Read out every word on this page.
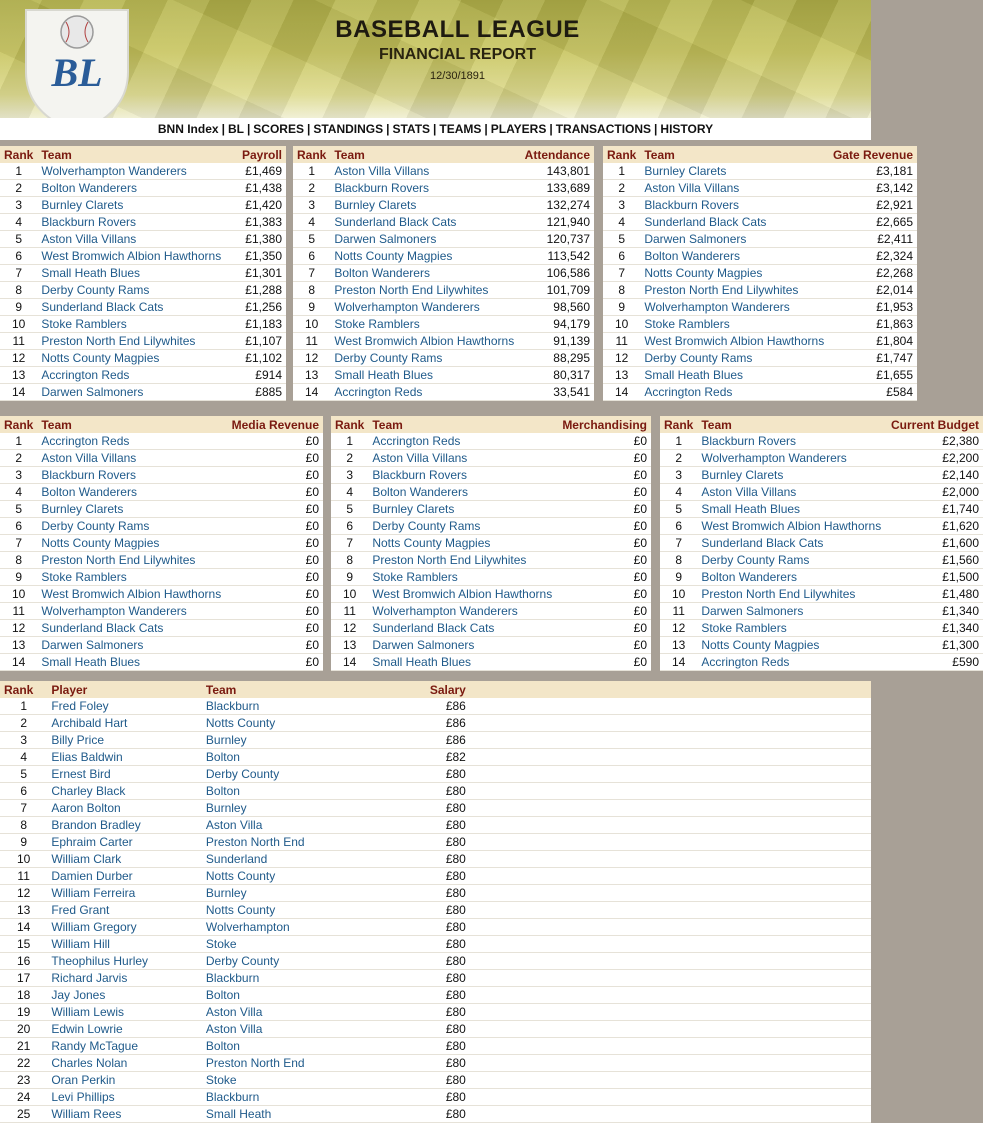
BL
BASEBALL LEAGUE
FINANCIAL REPORT
12/30/1891
BNN Index | BL | SCORES | STANDINGS | STATS | TEAMS | PLAYERS | TRANSACTIONS | HISTORY
Rank	Team	Payroll
1	Wolverhampton Wanderers	£1,469
2	Bolton Wanderers	£1,438
3	Burnley Clarets	£1,420
4	Blackburn Rovers	£1,383
5	Aston Villa Villans	£1,380
6	West Bromwich Albion Hawthorns	£1,350
7	Small Heath Blues	£1,301
8	Derby County Rams	£1,288
9	Sunderland Black Cats	£1,256
10	Stoke Ramblers	£1,183
11	Preston North End Lilywhites	£1,107
12	Notts County Magpies	£1,102
13	Accrington Reds	£914
14	Darwen Salmoners	£885
Rank	Team	Attendance
1	Aston Villa Villans	143,801
2	Blackburn Rovers	133,689
3	Burnley Clarets	132,274
4	Sunderland Black Cats	121,940
5	Darwen Salmoners	120,737
6	Notts County Magpies	113,542
7	Bolton Wanderers	106,586
8	Preston North End Lilywhites	101,709
9	Wolverhampton Wanderers	98,560
10	Stoke Ramblers	94,179
11	West Bromwich Albion Hawthorns	91,139
12	Derby County Rams	88,295
13	Small Heath Blues	80,317
14	Accrington Reds	33,541
Rank	Team	Gate Revenue
1	Burnley Clarets	£3,181
2	Aston Villa Villans	£3,142
3	Blackburn Rovers	£2,921
4	Sunderland Black Cats	£2,665
5	Darwen Salmoners	£2,411
6	Bolton Wanderers	£2,324
7	Notts County Magpies	£2,268
8	Preston North End Lilywhites	£2,014
9	Wolverhampton Wanderers	£1,953
10	Stoke Ramblers	£1,863
11	West Bromwich Albion Hawthorns	£1,804
12	Derby County Rams	£1,747
13	Small Heath Blues	£1,655
14	Accrington Reds	£584
Rank	Team	Media Revenue
1	Accrington Reds	£0
2	Aston Villa Villans	£0
3	Blackburn Rovers	£0
4	Bolton Wanderers	£0
5	Burnley Clarets	£0
6	Derby County Rams	£0
7	Notts County Magpies	£0
8	Preston North End Lilywhites	£0
9	Stoke Ramblers	£0
10	West Bromwich Albion Hawthorns	£0
11	Wolverhampton Wanderers	£0
12	Sunderland Black Cats	£0
13	Darwen Salmoners	£0
14	Small Heath Blues	£0
Rank	Team	Merchandising
1	Accrington Reds	£0
2	Aston Villa Villans	£0
3	Blackburn Rovers	£0
4	Bolton Wanderers	£0
5	Burnley Clarets	£0
6	Derby County Rams	£0
7	Notts County Magpies	£0
8	Preston North End Lilywhites	£0
9	Stoke Ramblers	£0
10	West Bromwich Albion Hawthorns	£0
11	Wolverhampton Wanderers	£0
12	Sunderland Black Cats	£0
13	Darwen Salmoners	£0
14	Small Heath Blues	£0
Rank	Team	Current Budget
1	Blackburn Rovers	£2,380
2	Wolverhampton Wanderers	£2,200
3	Burnley Clarets	£2,140
4	Aston Villa Villans	£2,000
5	Small Heath Blues	£1,740
6	West Bromwich Albion Hawthorns	£1,620
7	Sunderland Black Cats	£1,600
8	Derby County Rams	£1,560
9	Bolton Wanderers	£1,500
10	Preston North End Lilywhites	£1,480
11	Darwen Salmoners	£1,340
12	Stoke Ramblers	£1,340
13	Notts County Magpies	£1,300
14	Accrington Reds	£590
Rank	Player	Team	Salary	
1	Fred Foley	Blackburn	£86	
2	Archibald Hart	Notts County	£86	
3	Billy Price	Burnley	£86	
4	Elias Baldwin	Bolton	£82	
5	Ernest Bird	Derby County	£80	
6	Charley Black	Bolton	£80	
7	Aaron Bolton	Burnley	£80	
8	Brandon Bradley	Aston Villa	£80	
9	Ephraim Carter	Preston North End	£80	
10	William Clark	Sunderland	£80	
11	Damien Durber	Notts County	£80	
12	William Ferreira	Burnley	£80	
13	Fred Grant	Notts County	£80	
14	William Gregory	Wolverhampton	£80	
15	William Hill	Stoke	£80	
16	Theophilus Hurley	Derby County	£80	
17	Richard Jarvis	Blackburn	£80	
18	Jay Jones	Bolton	£80	
19	William Lewis	Aston Villa	£80	
20	Edwin Lowrie	Aston Villa	£80	
21	Randy McTague	Bolton	£80	
22	Charles Nolan	Preston North End	£80	
23	Oran Perkin	Stoke	£80	
24	Levi Phillips	Blackburn	£80	
25	William Rees	Small Heath	£80	
